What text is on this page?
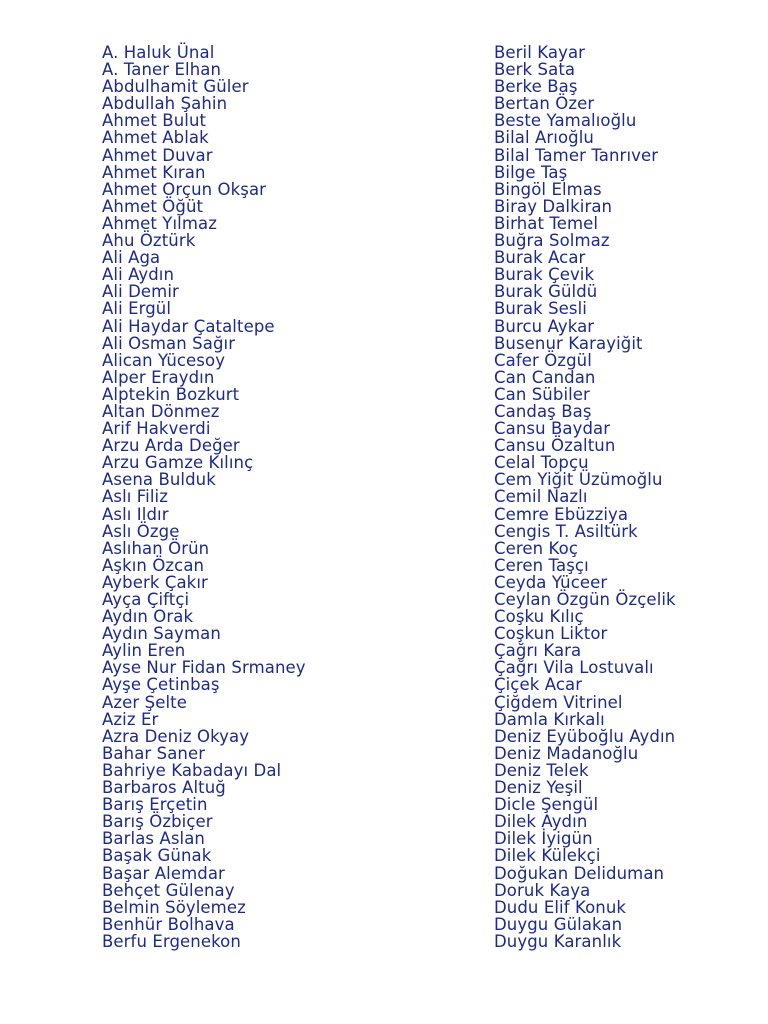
A. Haluk Ünal
A. Taner Elhan
Abdulhamit Güler
Abdullah Şahin
Ahmet Bulut
Ahmet Ablak
Ahmet Duvar
Ahmet Kıran
Ahmet Orçun Okşar
Ahmet Öğüt
Ahmet Yılmaz
Ahu Öztürk
Ali Aga
Ali Aydın
Ali Demir
Ali Ergül
Ali Haydar Çataltepe
Ali Osman Sağır
Alican Yücesoy
Alper Eraydın
Alptekin Bozkurt
Altan Dönmez
Arif Hakverdi
Arzu Arda Değer
Arzu Gamze Kılınç
Asena Bulduk
Aslı Filiz
Aslı Ildır
Aslı Özge
Aslıhan Örün
Aşkın Özcan
Ayberk Çakır
Ayça Çiftçi
Aydın Orak
Aydın Sayman
Aylin Eren
Ayse Nur Fidan Srmaney
Ayşe Çetinbaş
Azer Şelte
Aziz Er
Azra Deniz Okyay
Bahar Saner
Bahriye Kabadayı Dal
Barbaros Altuğ
Barış Erçetin
Barış Özbiçer
Barlas Aslan
Başak Günak
Başar Alemdar
Behçet Gülenay
Belmin Söylemez
Benhür Bolhava
Berfu Ergenekon
Beril Kayar
Berk Sata
Berke Baş
Bertan Özer
Beste Yamalıoğlu
Bilal Arıoğlu
Bilal Tamer Tanrıver
Bilge Taş
Bingöl Elmas
Biray Dalkiran
Birhat Temel
Buğra Solmaz
Burak Acar
Burak Çevik
Burak Güldü
Burak Sesli
Burcu Aykar
Busenur Karayiğit
Cafer Özgül
Can Candan
Can Sübiler
Candaş Baş
Cansu Baydar
Cansu Özaltun
Celal Topçu
Cem Yiğit Üzümoğlu
Cemil Nazlı
Cemre Ebüzziya
Cengis T. Asiltürk
Ceren Koç
Ceren Taşçı
Ceyda Yüceer
Ceylan Özgün Özçelik
Coşku Kılıç
Coşkun Liktor
Çağrı Kara
Çağrı Vila Lostuvalı
Çiçek Acar
Çiğdem Vitrinel
Damla Kırkalı
Deniz Eyüboğlu Aydın
Deniz Madanoğlu
Deniz Telek
Deniz Yeşil
Dicle Şengül
Dilek Aydın
Dilek İyigün
Dilek Külekçi
Doğukan Deliduman
Doruk Kaya
Dudu Elif Konuk
Duygu Gülakan
Duygu Karanlık
